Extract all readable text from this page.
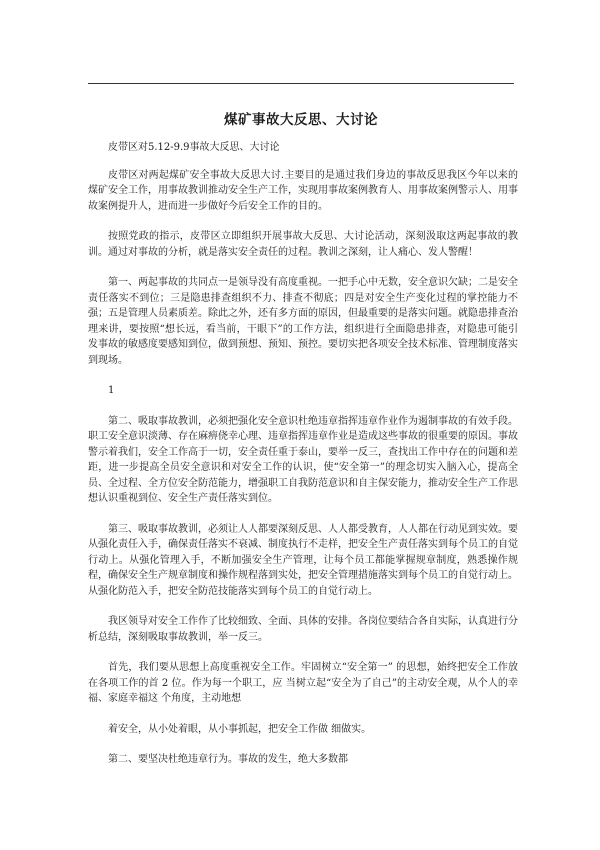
煤矿事故大反思、大讨论

皮带区对5.12-9.9事故大反思、大讨论

皮带区对两起煤矿安全事故大反思大讨.主要目的是通过我们身边的事故反思我区今年以来的煤矿安全工作，用事故教训推动安全生产工作，实现用事故案例教育人、用事故案例警示人、用事故案例提升人，进而进一步做好今后安全工作的目的。

按照党政的指示，皮带区立即组织开展事故大反思、大讨论活动，深刻汲取这两起事故的教训。通过对事故的分析，就是落实安全责任的过程。教训之深刻，让人痛心、发人警醒！

第一、两起事故的共同点一是领导没有高度重视。一把手心中无数，安全意识欠缺；二是安全责任落实不到位；三是隐患排查组织不力、排查不彻底；四是对安全生产变化过程的掌控能力不强；五是管理人员素质差。除此之外，还有多方面的原因，但最重要的是落实问题。就隐患排查治理来讲，要按照“想长远，看当前，干眼下”的工作方法，组织进行全面隐患排查，对隐患可能引发事故的敏感度要感知到位，做到预想、预知、预控。要切实把各项安全技术标准、管理制度落实到现场。

1

第二、吸取事故教训，必须把强化安全意识杜绝违章指挥违章作业作为遏制事故的有效手段。职工安全意识淡薄、存在麻痹侥幸心理、违章指挥违章作业是造成这些事故的很重要的原因。事故警示着我们，安全工作高于一切，安全责任重于泰山，要举一反三，查找出工作中存在的问题和差距，进一步提高全员安全意识和对安全工作的认识，使“安全第一”的理念切实入脑入心，提高全员、全过程、全方位安全防范能力，增强职工自我防范意识和自主保安能力，推动安全生产工作思想认识重视到位、安全生产责任落实到位。

第三、吸取事故教训，必须让人人都要深刻反思、人人都受教育，人人都在行动见到实效。要从强化责任入手，确保责任落实不衰减、制度执行不走样，把安全生产责任落实到每个员工的自觉行动上。从强化管理入手，不断加强安全生产管理，让每个员工都能掌握规章制度，熟悉操作规程，确保安全生产规章制度和操作规程落到实处，把安全管理措施落实到每个员工的自觉行动上。从强化防范入手，把安全防范技能落实到每个员工的自觉行动上。

我区领导对安全工作作了比较细致、全面、具体的安排。各岗位要结合各自实际，认真进行分析总结，深刻吸取事故教训，举一反三。

首先，我们要从思想上高度重视安全工作。牢固树立“安全第一” 的思想，始终把安全工作放在各项工作的首 2 位。作为每一个职工，应 当树立起“安全为了自己”的主动安全观，从个人的幸福、家庭幸福这 个角度，主动地想

着安全，从小处着眼，从小事抓起，把安全工作做 细做实。

第二、要坚决杜绝违章行为。事故的发生，绝大多数都
